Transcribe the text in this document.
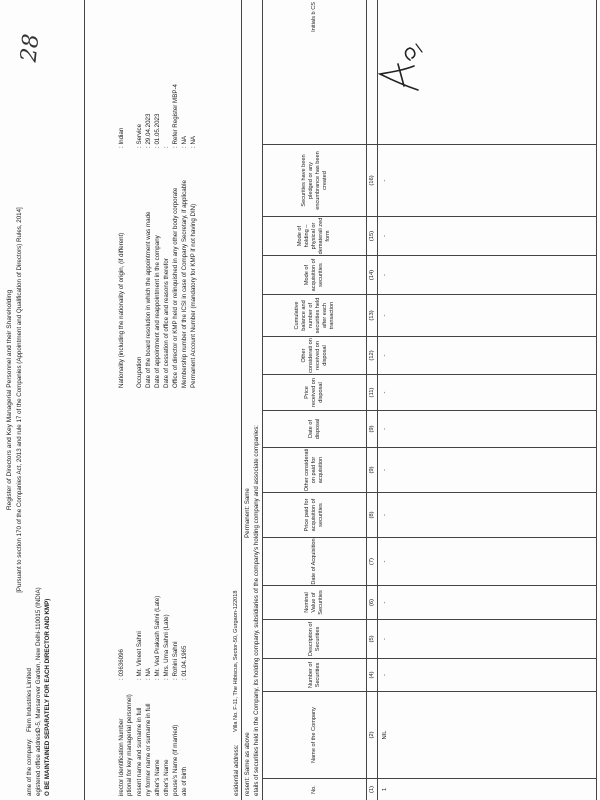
Register of Directors and Key Managerial Personnel and their Shareholding [Pursuant to section 170 of the Companies Act, 2013 and rule 17 of the Companies (Appointment and Qualification of Directors) Rules, 2014]
28
ame of the company:
Fiem Industries Limited
egistered office address:
D-5, Mansarover Garden, New Delhi-110015 (INDIA) O BE MAINTAINED SEPARATELY FOR EACH DIRECTOR AND KMP)	irector Identification Number
: 03636096
ptional for key managerial personnel) resent name and surname in full
: Mr. Vineet Sahni
ny former name or surname in full
: NA
ather's Name
: Mr. Ved Prakash Sahni (Late)
other's Name
: Mrs. Uma Sahni (Late)
pouse's Name (If married)
: Rohini Sahni
ate of birth
: 01.04.1965
Nationality (including the nationality of origin, (if different)
: Indian
Occupation
: Service
Date of the board resolution in which the appointment was made
: 29.04.2023
Date of appointment and reappointment in the company
: 01.05.2023
Date of cessation of office and reasons therefor
:
Office of director or KMP held or relinquished in any other body corporate
: Refer Register MBP-4
Membership number of the ICSI in case of Company Secretary, if applicable
: NA
Permanent Account Number (mandatory for KMP if not having DIN)
: NA
esidential address:
Villa No. F-11, The Hibiscus, Sector-50, Gurgaon-122018
resent: Same as above
Permanent: Same etails of securities held in the Company, its holding company, subsidiaries of the company's holding company and associate companies:	No.
Name of the Company
Number of Securities
Description of Securities
Nominal Value of Securities
Date of Acquisition
Price paid for acquisition of securities
Other considerati on paid for acquisition
Date of disposal
Price received on disposal
Other considerati on received on disposal
Cumulative balance and number of securities held after each transaction
Mode of acquisition of securities
Mode of holding – physical or dematerali zed form
Securities have been pledged or any encumbrance has been created
Initials b CS
(1)
(2)
(4)
(5)
(6)
(7)
(8)
(9)
(9)
(11)
(12)
(13)
(14)
(15)
(16)
1
NIL
-
-
-
-
-
-
-
-
-
-
-
-
-
